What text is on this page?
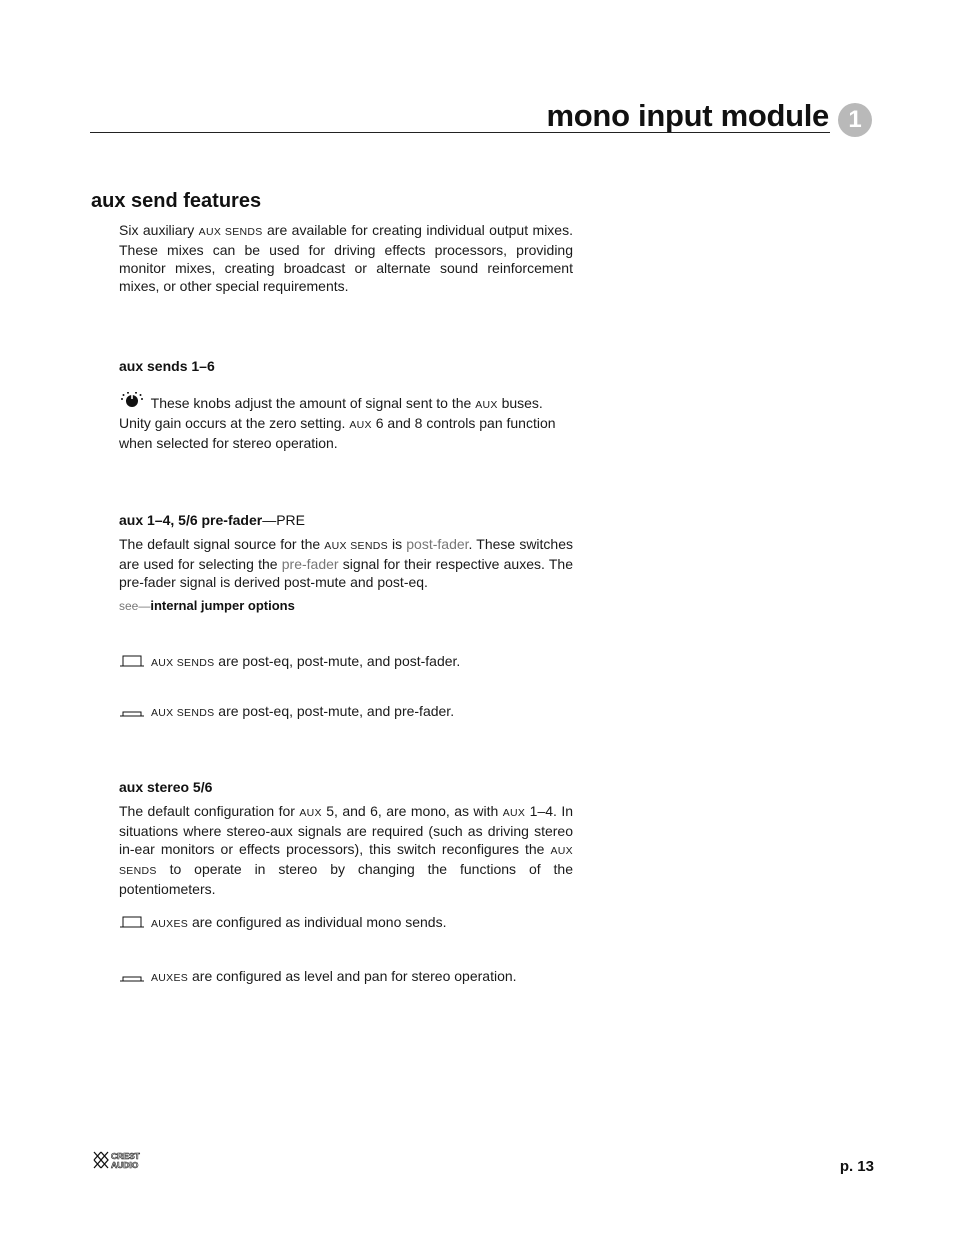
mono input module 1
aux send features
Six auxiliary AUX SENDS are available for creating individual output mixes. These mixes can be used for driving effects processors, providing monitor mixes, creating broadcast or alternate sound reinforcement mixes, or other special requirements.
aux sends 1–6
These knobs adjust the amount of signal sent to the AUX buses. Unity gain occurs at the zero setting. AUX 6 and 8 controls pan function when selected for stereo operation.
aux 1–4, 5/6 pre-fader—PRE
The default signal source for the AUX SENDS is post-fader. These switches are used for selecting the pre-fader signal for their respective auxes. The pre-fader signal is derived post-mute and post-eq.
see—internal jumper options
AUX SENDS are post-eq, post-mute, and post-fader.
AUX SENDS are post-eq, post-mute, and pre-fader.
aux stereo 5/6
The default configuration for AUX 5, and 6, are mono, as with AUX 1–4. In situations where stereo-aux signals are required (such as driving stereo in-ear monitors or effects processors), this switch reconfigures the AUX SENDS to operate in stereo by changing the functions of the potentiometers.
AUXES are configured as individual mono sends.
AUXES are configured as level and pan for stereo operation.
CREST
AUDIO	p. 13
